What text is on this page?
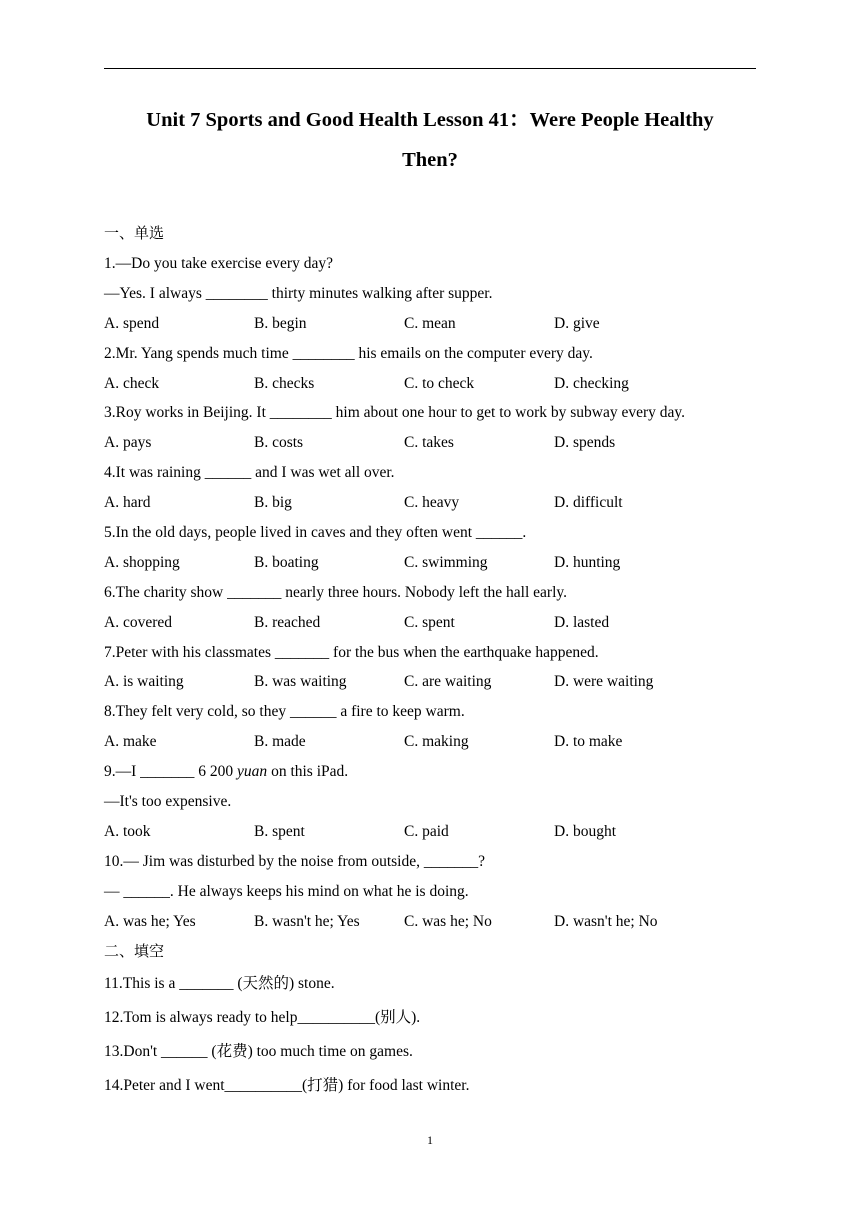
Unit 7 Sports and Good Health Lesson 41：Were People Healthy
Then?
一、单选
1.—Do you take exercise every day?
—Yes. I always ________ thirty minutes walking after supper.
A. spend	B. begin	C. mean	D. give
2.Mr. Yang spends much time ________ his emails on the computer every day.
A. check	B. checks	C. to check	D. checking
3.Roy works in Beijing. It ________ him about one hour to get to work by subway every day.
A. pays	B. costs	C. takes	D. spends
4.It was raining ______ and I was wet all over.
A. hard	B. big	C. heavy	D. difficult
5.In the old days, people lived in caves and they often went ______.
A. shopping	B. boating	C. swimming	D. hunting
6.The charity show _______ nearly three hours. Nobody left the hall early.
A. covered	B. reached	C. spent	D. lasted
7.Peter with his classmates _______ for the bus when the earthquake happened.
A. is waiting	B. was waiting	C. are waiting	D. were waiting
8.They felt very cold, so they ______ a fire to keep warm.
A. make	B. made	C. making	D. to make
9.—I _______ 6 200 yuan on this iPad.
—It's too expensive.
A. took	B. spent	C. paid	D. bought
10.— Jim was disturbed by the noise from outside, _______?
— ______. He always keeps his mind on what he is doing.
A. was he; Yes	B. wasn't he; Yes	C. was he; No	D. wasn't he; No
二、填空
11.This is a _______ (天然的) stone.
12.Tom is always ready to help__________(别人).
13.Don't ______ (花费) too much time on games.
14.Peter and I went__________(打猎) for food last winter.
1
